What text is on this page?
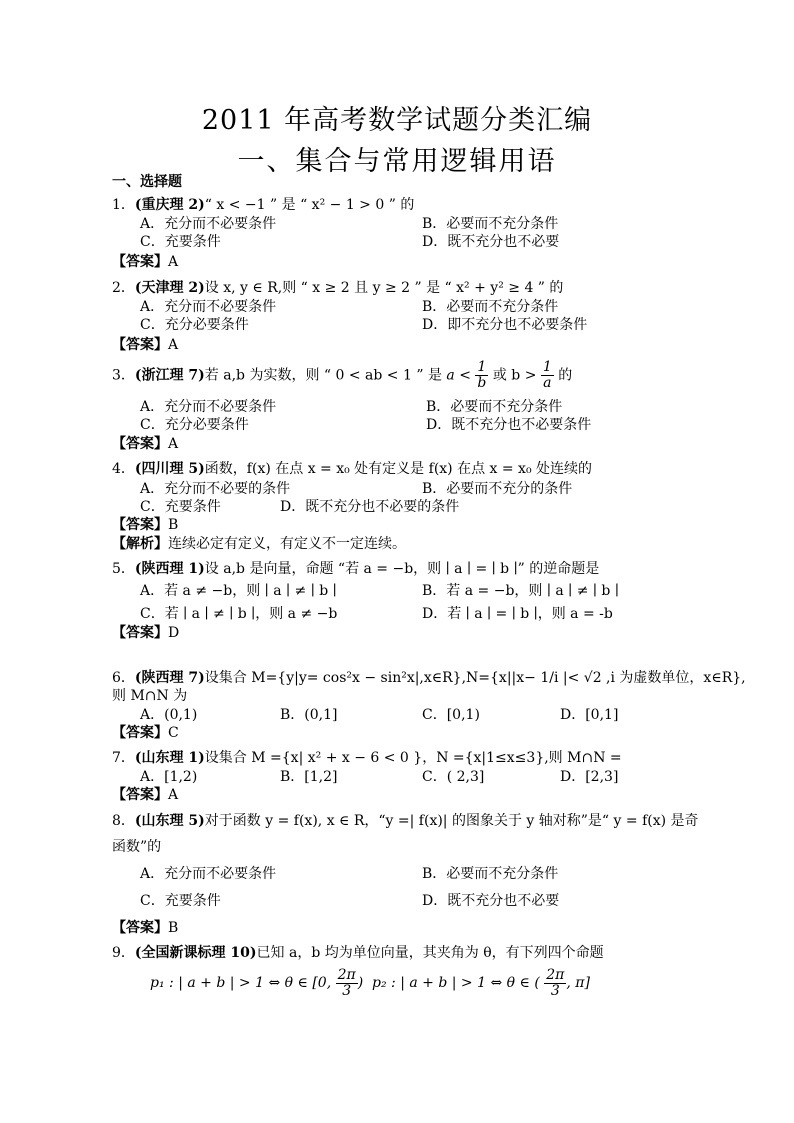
2011 年高考数学试题分类汇编
一、集合与常用逻辑用语
一、选择题
1．(重庆理 2)“ x < −1 ” 是 “ x² − 1 > 0 ” 的
A．充分而不必要条件	B．必要而不充分条件
C．充要条件	D．既不充分也不必要
【答案】A
2．(天津理 2)设 x, y ∈ R,则 “ x ≥ 2 且 y ≥ 2 ” 是 “ x² + y² ≥ 4 ” 的
A．充分而不必要条件	B．必要而不充分条件
C．充分必要条件	D．即不充分也不必要条件
【答案】A
3．(浙江理 7)若 a,b 为实数，则 “ 0 < ab < 1 ” 是 $a < \frac{1}{b}$ 或 $b > \frac{1}{a}$ 的
A．充分而不必要条件	B．必要而不充分条件
C．充分必要条件	D．既不充分也不必要条件
【答案】A
4．(四川理 5)函数，f(x) 在点 x = x₀ 处有定义是 f(x) 在点 x = x₀ 处连续的
A．充分而不必要的条件	B．必要而不充分的条件
C．充要条件	D．既不充分也不必要的条件
【答案】B
【解析】连续必定有定义，有定义不一定连续。
5．(陕西理 1)设 a,b 是向量，命题 “若 a = −b，则 ∣ a ∣ = ∣ b ∣” 的逆命题是
A．若 a ≠ −b，则 ∣ a ∣ ≠ ∣ b ∣	B．若 a = −b，则 ∣ a ∣ ≠ ∣ b ∣
C．若 ∣ a ∣ ≠ ∣ b ∣，则 a ≠ −b	D．若 ∣ a ∣ = ∣ b ∣，则 a = -b
【答案】D
6．(陕西理 7)设集合 M={y|y= cos²x − sin²x|,x∈R},N={x||x− 1/i |< √2 ,i 为虚数单位，x∈R},
则 M∩N 为
A．(0,1)	B．(0,1]	C．[0,1)	D．[0,1]
【答案】C
7．(山东理 1)设集合 M ={x| x² + x − 6 < 0 }，N ={x|1≤x≤3},则 M∩N =
A．[1,2)	B．[1,2]	C．( 2,3]	D．[2,3]
【答案】A
8．(山东理 5)对于函数 y = f(x), x ∈ R，“y =| f(x)| 的图象关于 y 轴对称”是“ y = f(x) 是奇
函数”的
A．充分而不必要条件	B．必要而不充分条件
C．充要条件	D．既不充分也不必要
【答案】B
9．(全国新课标理 10)已知 a，b 均为单位向量，其夹角为 θ，有下列四个命题
p₁ : | a + b | > 1 ⇔ θ ∈ [0, $\frac{2\pi}{3}$ ) p₂ : | a + b | > 1 ⇔ θ ∈ ( $\frac{2\pi}{3}$ , π]
